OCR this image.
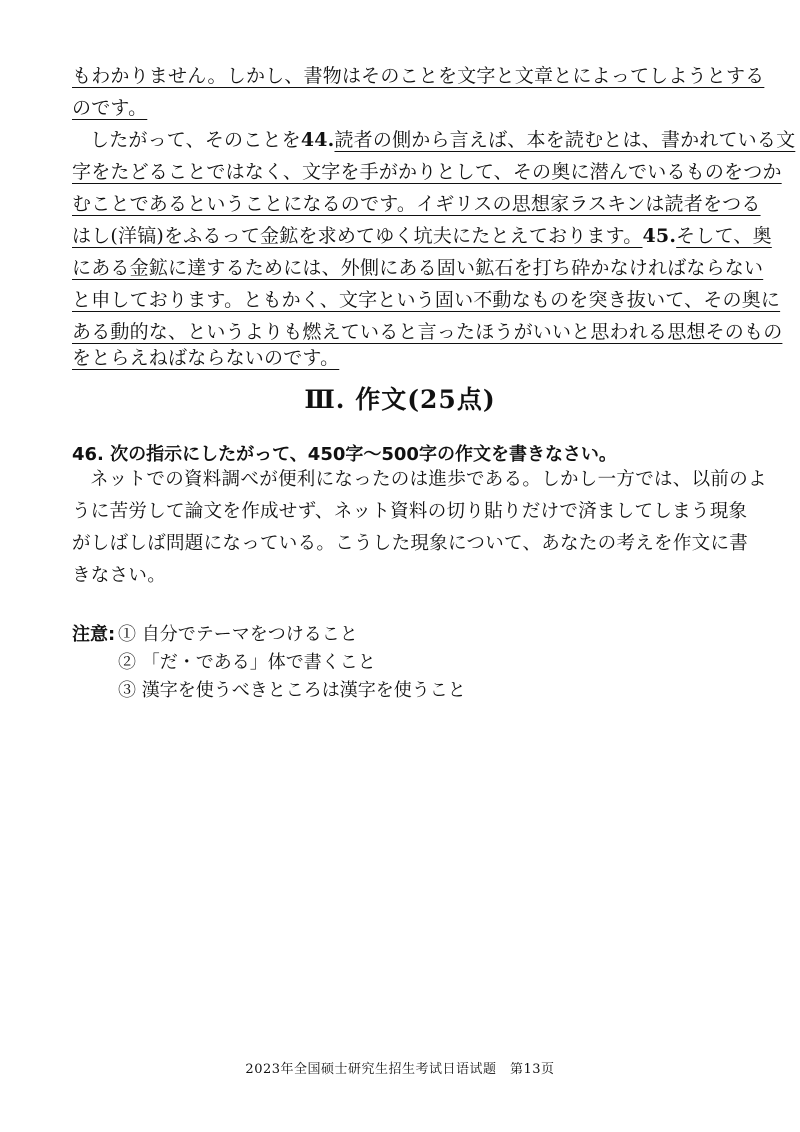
もわかりません。しかし、書物はそのことを文字と文章とによってしようとする
のです。
したがって、そのことを44.読者の側から言えば、本を読むとは、書かれている文
字をたどることではなく、文字を手がかりとして、その奥に潜んでいるものをつか
むことであるということになるのです。イギリスの思想家ラスキンは読者をつる
はし(洋镐)をふるって金鉱を求めてゆく坑夫にたとえております。45.そして、奥
にある金鉱に達するためには、外側にある固い鉱石を打ち砕かなければならない
と申しております。ともかく、文字という固い不動なものを突き抜いて、その奥に
ある動的な、というよりも燃えていると言ったほうがいいと思われる思想そのもの
をとらえねばならないのです。
Ⅲ. 作文(25点)
46. 次の指示にしたがって、450字～500字の作文を書きなさい。
ネットでの資料調べが便利になったのは進歩である。しかし一方では、以前のよ
うに苦労して論文を作成せず、ネット資料の切り貼りだけで済ましてしまう現象
がしばしば問題になっている。こうした現象について、あなたの考えを作文に書
きなさい。
注意: ① 自分でテーマをつけること
② 「だ・である」体で書くこと
③ 漢字を使うべきところは漢字を使うこと
2023年全国硕士研究生招生考试日语试题　第13页
